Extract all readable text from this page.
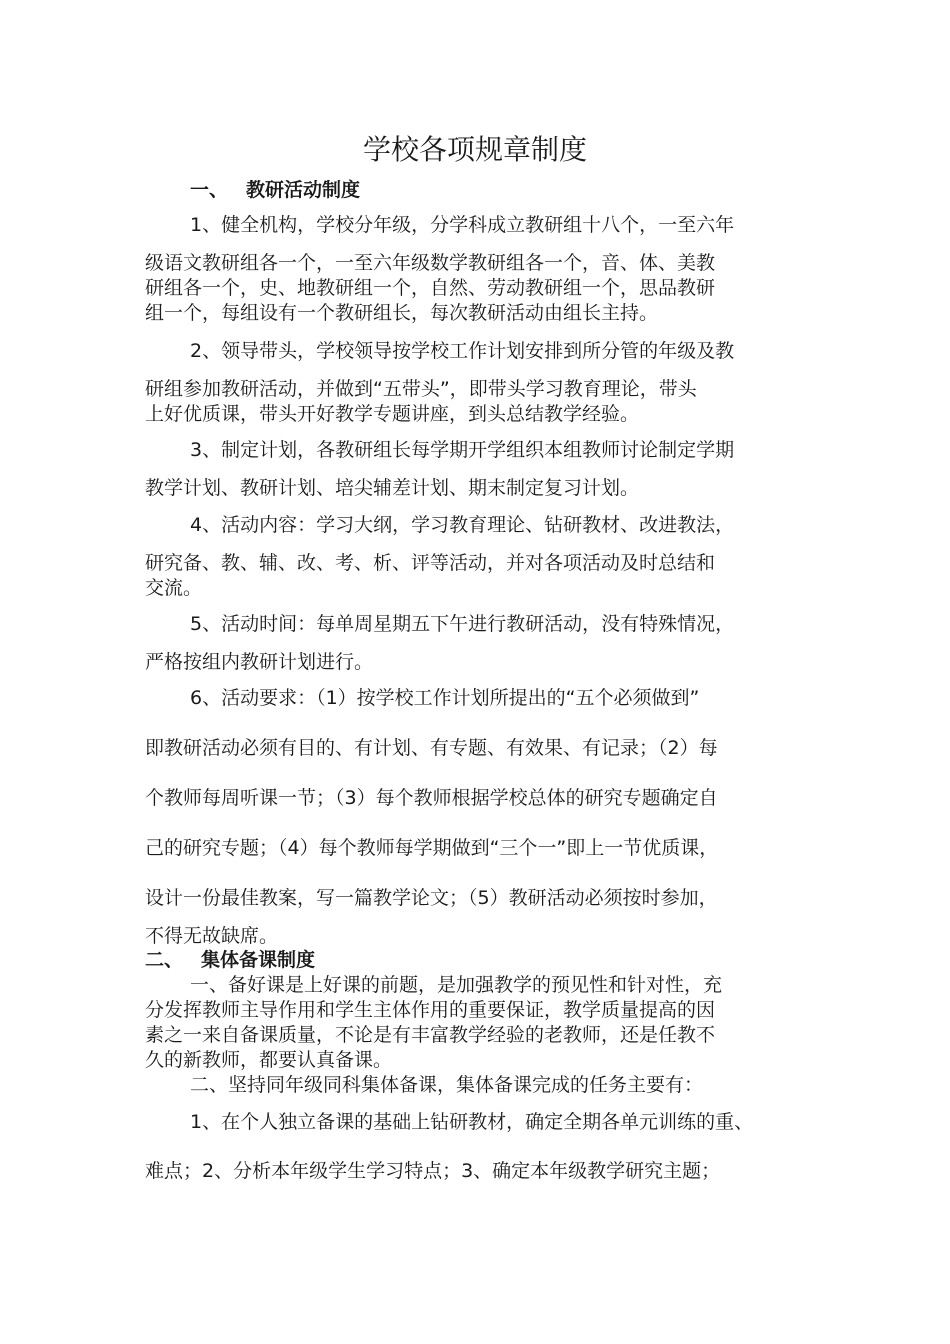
学校各项规章制度
一、 教研活动制度
1、健全机构，学校分年级，分学科成立教研组十八个，一至六年
级语文教研组各一个，一至六年级数学教研组各一个，音、体、美教
研组各一个，史、地教研组一个，自然、劳动教研组一个，思品教研
组一个，每组设有一个教研组长，每次教研活动由组长主持。
2、领导带头，学校领导按学校工作计划安排到所分管的年级及教
研组参加教研活动，并做到“五带头”，即带头学习教育理论，带头
上好优质课，带头开好教学专题讲座，到头总结教学经验。
3、制定计划，各教研组长每学期开学组织本组教师讨论制定学期
教学计划、教研计划、培尖辅差计划、期末制定复习计划。
4、活动内容：学习大纲，学习教育理论、钻研教材、改进教法，
研究备、教、辅、改、考、析、评等活动，并对各项活动及时总结和
交流。
5、活动时间：每单周星期五下午进行教研活动，没有特殊情况，
严格按组内教研计划进行。
6、活动要求：（1）按学校工作计划所提出的“五个必须做到”
即教研活动必须有目的、有计划、有专题、有效果、有记录；（2）每
个教师每周听课一节；（3）每个教师根据学校总体的研究专题确定自
己的研究专题；（4）每个教师每学期做到“三个一”即上一节优质课，
设计一份最佳教案，写一篇教学论文；（5）教研活动必须按时参加，
不得无故缺席。
二、 集体备课制度
一、备好课是上好课的前题，是加强教学的预见性和针对性，充
分发挥教师主导作用和学生主体作用的重要保证，教学质量提高的因
素之一来自备课质量，不论是有丰富教学经验的老教师，还是任教不
久的新教师，都要认真备课。
二、坚持同年级同科集体备课，集体备课完成的任务主要有：
1、在个人独立备课的基础上钻研教材，确定全期各单元训练的重、
难点；2、分析本年级学生学习特点；3、确定本年级教学研究主题；
